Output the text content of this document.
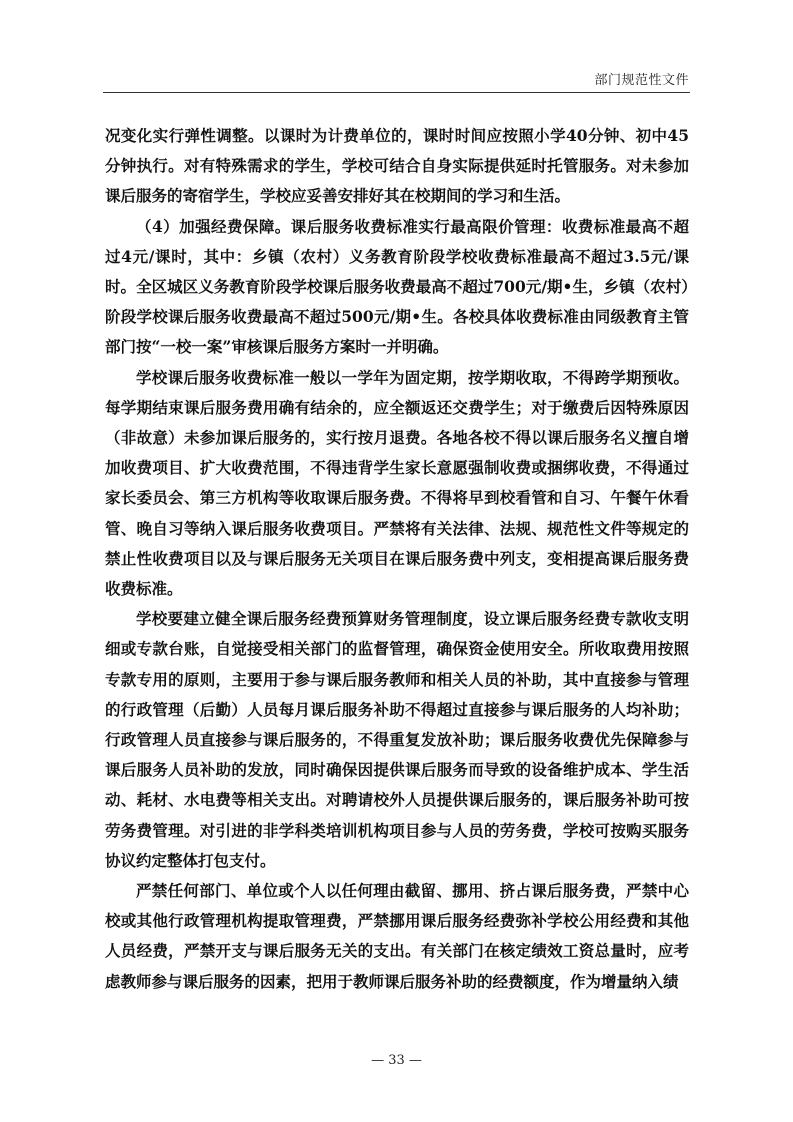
部门规范性文件

况变化实行弹性调整。以课时为计费单位的，课时时间应按照小学40分钟、初中45分钟执行。对有特殊需求的学生，学校可结合自身实际提供延时托管服务。对未参加课后服务的寄宿学生，学校应妥善安排好其在校期间的学习和生活。

（4）加强经费保障。课后服务收费标准实行最高限价管理：收费标准最高不超过4元/课时，其中：乡镇（农村）义务教育阶段学校收费标准最高不超过3.5元/课时。全区城区义务教育阶段学校课后服务收费最高不超过700元/期•生，乡镇（农村）阶段学校课后服务收费最高不超过500元/期•生。各校具体收费标准由同级教育主管部门按“一校一案”审核课后服务方案时一并明确。

学校课后服务收费标准一般以一学年为固定期，按学期收取，不得跨学期预收。每学期结束课后服务费用确有结余的，应全额返还交费学生；对于缴费后因特殊原因（非故意）未参加课后服务的，实行按月退费。各地各校不得以课后服务名义擅自增加收费项目、扩大收费范围，不得违背学生家长意愿强制收费或捆绑收费，不得通过家长委员会、第三方机构等收取课后服务费。不得将早到校看管和自习、午餐午休看管、晚自习等纳入课后服务收费项目。严禁将有关法律、法规、规范性文件等规定的禁止性收费项目以及与课后服务无关项目在课后服务费中列支，变相提高课后服务费收费标准。

学校要建立健全课后服务经费预算财务管理制度，设立课后服务经费专款收支明细或专款台账，自觉接受相关部门的监督管理，确保资金使用安全。所收取费用按照专款专用的原则，主要用于参与课后服务教师和相关人员的补助，其中直接参与管理的行政管理（后勤）人员每月课后服务补助不得超过直接参与课后服务的人均补助；行政管理人员直接参与课后服务的，不得重复发放补助；课后服务收费优先保障参与课后服务人员补助的发放，同时确保因提供课后服务而导致的设备维护成本、学生活动、耗材、水电费等相关支出。对聘请校外人员提供课后服务的，课后服务补助可按劳务费管理。对引进的非学科类培训机构项目参与人员的劳务费，学校可按购买服务协议约定整体打包支付。

严禁任何部门、单位或个人以任何理由截留、挪用、挤占课后服务费，严禁中心校或其他行政管理机构提取管理费，严禁挪用课后服务经费弥补学校公用经费和其他人员经费，严禁开支与课后服务无关的支出。有关部门在核定绩效工资总量时，应考虑教师参与课后服务的因素，把用于教师课后服务补助的经费额度，作为增量纳入绩

— 33 —
